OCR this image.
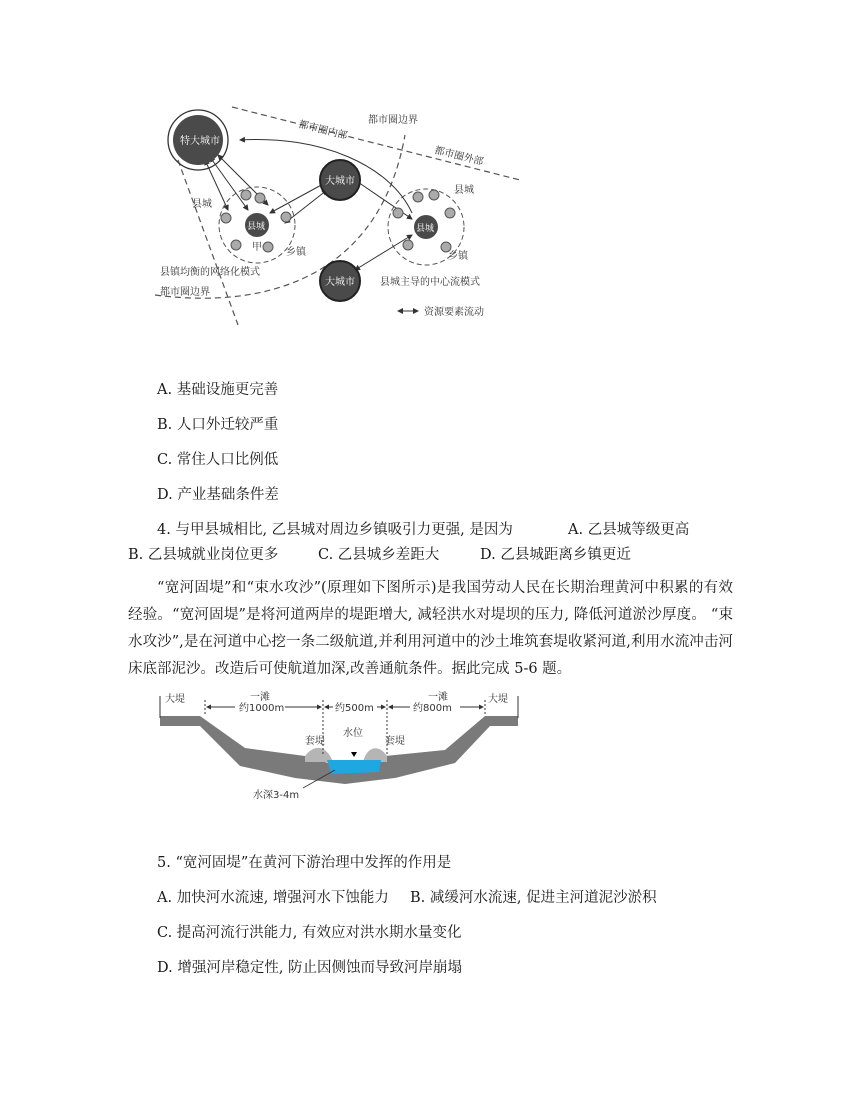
特大城市
大城市
大城市
县城	县城
甲	乙
都市圈内部 都市圈边界
都市圈外部
县城
县城
乡镇	乡镇
县镇均衡的网络化模式
都市圈边界
县城主导的中心流模式
资源要素流动
A. 基础设施更完善
B. 人口外迁较严重
C. 常住人口比例低
D. 产业基础条件差
4. 与甲县城相比, 乙县城对周边乡镇吸引力更强, 是因为	A. 乙县城等级更高
B. 乙县城就业岗位更多	C. 乙县城乡差距大	D. 乙县城距离乡镇更近
“宽河固堤”和“束水攻沙”(原理如下图所示)是我国劳动人民在长期治理黄河中积累的有效经验。“宽河固堤”是将河道两岸的堤距增大, 减轻洪水对堤坝的压力, 降低河道淤沙厚度。 “束水攻沙”,是在河道中心挖一条二级航道,并利用河道中的沙土堆筑套堤收紧河道,利用水流冲击河床底部泥沙。改造后可使航道加深,改善通航条件。据此完成 5-6 题。
大堤	大堤
一滩
约1000m	约500m
一滩
约800m
套堤	套堤
水位
水深3-4m
5. “宽河固堤”在黄河下游治理中发挥的作用是
A. 加快河水流速, 增强河水下蚀能力 B. 减缓河水流速, 促进主河道泥沙淤积
C. 提高河流行洪能力, 有效应对洪水期水量变化
D. 增强河岸稳定性, 防止因侧蚀而导致河岸崩塌
